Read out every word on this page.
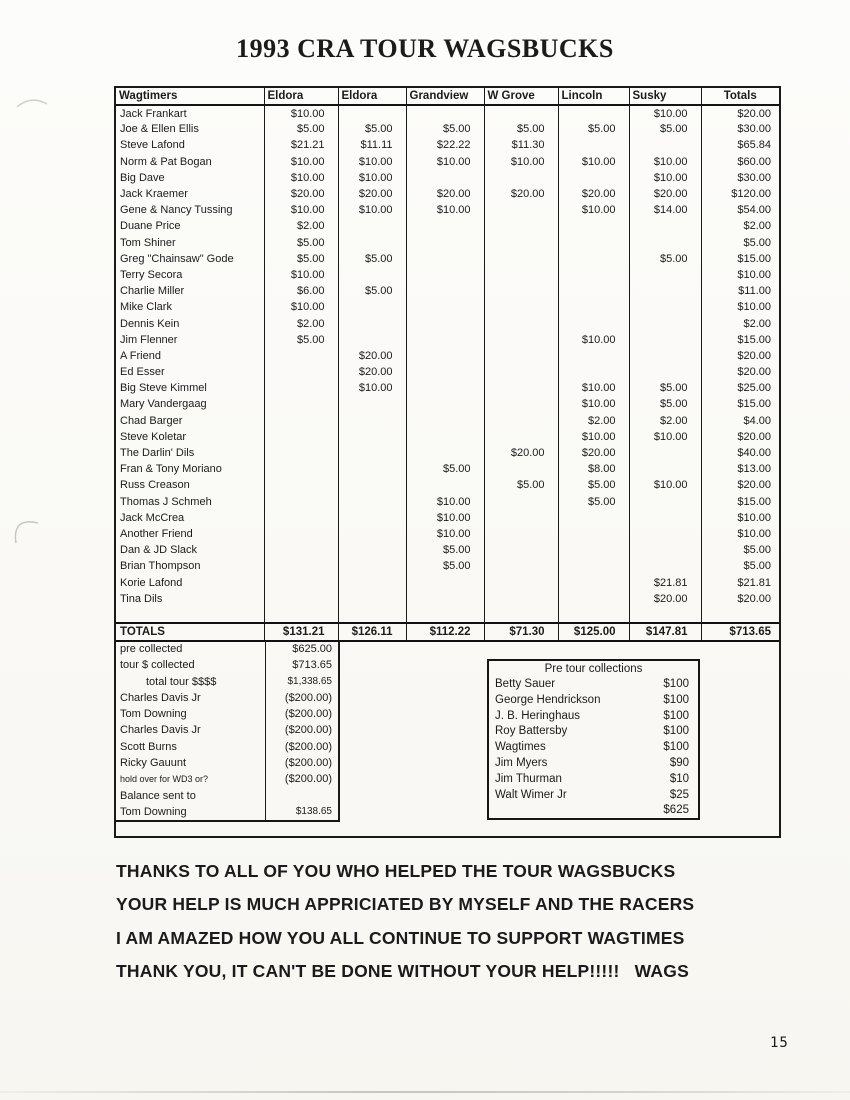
1993 CRA TOUR WAGSBUCKS
Wagtimers	Eldora	Eldora	Grandview	W Grove	Lincoln	Susky	Totals
Jack Frankart	$10.00					$10.00	$20.00
Joe & Ellen Ellis	$5.00	$5.00	$5.00	$5.00	$5.00	$5.00	$30.00
Steve Lafond	$21.21	$11.11	$22.22	$11.30			$65.84
Norm & Pat Bogan	$10.00	$10.00	$10.00	$10.00	$10.00	$10.00	$60.00
Big Dave	$10.00	$10.00				$10.00	$30.00
Jack Kraemer	$20.00	$20.00	$20.00	$20.00	$20.00	$20.00	$120.00
Gene & Nancy Tussing	$10.00	$10.00	$10.00		$10.00	$14.00	$54.00
Duane Price	$2.00						$2.00
Tom Shiner	$5.00						$5.00
Greg "Chainsaw" Gode	$5.00	$5.00				$5.00	$15.00
Terry Secora	$10.00						$10.00
Charlie Miller	$6.00	$5.00					$11.00
Mike Clark	$10.00						$10.00
Dennis Kein	$2.00						$2.00
Jim Flenner	$5.00				$10.00		$15.00
A Friend		$20.00					$20.00
Ed Esser		$20.00					$20.00
Big Steve Kimmel		$10.00			$10.00	$5.00	$25.00
Mary Vandergaag					$10.00	$5.00	$15.00
Chad Barger					$2.00	$2.00	$4.00
Steve Koletar					$10.00	$10.00	$20.00
The Darlin' Dils				$20.00	$20.00		$40.00
Fran & Tony Moriano			$5.00		$8.00		$13.00
Russ Creason				$5.00	$5.00	$10.00	$20.00
Thomas J Schmeh			$10.00		$5.00		$15.00
Jack McCrea			$10.00				$10.00
Another Friend			$10.00				$10.00
Dan & JD Slack			$5.00				$5.00
Brian Thompson			$5.00				$5.00
Korie Lafond						$21.81	$21.81
Tina Dils						$20.00	$20.00

TOTALS	$131.21	$126.11	$112.22	$71.30	$125.00	$147.81	$713.65
pre collected	$625.00
tour $ collected	$713.65
total tour $$$$	$1,338.65
Charles Davis Jr	($200.00)
Tom Downing	($200.00)
Charles Davis Jr	($200.00)
Scott Burns	($200.00)
Ricky Gauunt	($200.00)
hold over for WD3 or?	($200.00)
Balance sent to
Tom Downing	$138.65
Pre tour collections
Betty Sauer	$100
George Hendrickson	$100
J. B. Heringhaus	$100
Roy Battersby	$100
Wagtimes	$100
Jim Myers	$90
Jim Thurman	$10
Walt Wimer Jr	$25
$625
THANKS TO ALL OF YOU WHO HELPED THE TOUR WAGSBUCKS
YOUR HELP IS MUCH APPRICIATED BY MYSELF AND THE RACERS
I AM AMAZED HOW YOU ALL CONTINUE TO SUPPORT WAGTIMES
THANK YOU, IT CAN'T BE DONE WITHOUT YOUR HELP!!!!!   WAGS
15
